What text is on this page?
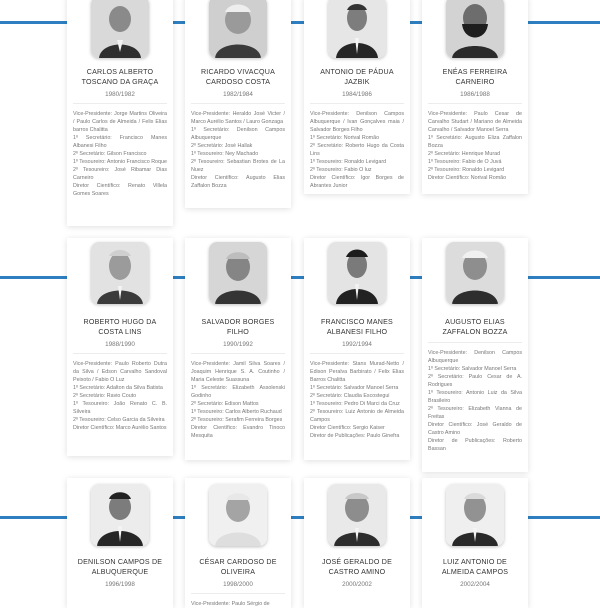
CARLOS ALBERTO TOSCANO DA GRAÇA
1980/1982
Vice-Presidente: Jorge Martins Oliveira / Paulo Carlos de Almeida / Felix Elias barros Chalitta
1º Secretário: Francisco Manes Albanesi Filho
2º Secretário: Gilson Francisco
1º Tesoureiro: Antonio Francisco Roque
2º Tesoureiro: José Ribamar Dias Carneiro
Diretor Científico: Renato Villela Gomes Soares
RICARDO VIVACQUA CARDOSO COSTA
1982/1984
Vice-Presidente: Heraldo José Victer / Marco Aurélio Santos / Lauro Gonzaga
1º Secretário: Denilson Campos Albuquerque
2º Secretário: José Hallak
1º Tesoureiro: Ney Machado
2º Tesoureiro: Sebastian Brotes de La Nuez
Diretor Científico: Augusto Elias Zaffalon Bozza
ANTONIO DE PÁDUA JAZBIK
1984/1986
Vice-Presidente: Denilson Campos Albuquerque / Ivan Gonçalves maia / Salvador Borges Filho
1º Secretário: Norival Romão
2º Secretário: Roberto Hugo da Costa Lins
1º Tesoureiro: Ronaldo Levigard
2º Tesoureiro: Fabio O luz
Diretor Científico: Igor Borges de Abrantes Junior
ENÉAS FERREIRA CARNEIRO
1986/1988
Vice-Presidente: Paulo Cesar de Carvalho Studart / Mariano de Almeida Carvalho / Salvador Manoel Serra
1º Secretário: Augusto Eliza Zaffalon Bozza
2º Secretário: Henrique Murad
1º Tesoureiro: Fabio de O Juvá
2º Tesoureiro: Ronaldo Levigard
Diretor Científico: Norival Romão
ROBERTO HUGO DA COSTA LINS
1988/1990
Vice-Presidente: Paulo Roberto Dutra da Silva / Edson Carvalho Sandoval Peixoto / Fabio O Luz
1º Secretário: Adalton da Silva Batista
2º Secretário: Ravio Couto
1º Tesoureiro: João Renato C. B. Silveira
2º Tesoureiro: Celso Garcia da Silveira
Diretor Científico: Marco Aurélio Santos
SALVADOR BORGES FILHO
1990/1992
Vice-Presidente: Jamil Silva Soares / Joaquim Henrique S. A. Coutinho / Maria Celeste Suassuna
1º Secretário: Elizabeth Assolenski Godinho
2º Secretário: Edison Mattos
1º Tesoureiro: Carlos Alberto Ruchaud
2º Tesoureiro: Serafim Ferreira Borges
Diretor Científico: Evandro Tinoco Mesquita
FRANCISCO MANES ALBANESI FILHO
1992/1994
Vice-Presidente: Stans Murad-Netto / Edison Peralva Barbirato / Felix Elias Barros Chalitta
1º Secretário: Salvador Manoel Serra
2º Secretário: Claudia Escostegui
1º Tesoureiro: Pedro Di Marci da Cruz
2º Tesoureiro: Luiz Antonio de Almeida Campos
Diretor Científico: Sergio Kaiser
Diretor de Publicações: Paulo Ginefra
AUGUSTO ELIAS ZAFFALON BOZZA
Vice-Presidente: Denilson Campos Albuquerque
1º Secretário: Salvador Manoel Serra
2º Secretário: Paulo Cesar de A. Rodrigues
1º Tesoureiro: Antonio Luiz da Silva Brasileiro
2º Tesoureiro: Elizabeth Vianna de Freitas
Diretor Científico: José Geraldo de Castro Amino
Diretor de Publicações: Roberto Bassan
DENILSON CAMPOS DE ALBUQUERQUE
1996/1998
CÉSAR CARDOSO DE OLIVEIRA
1998/2000
Vice-Presidente: Paulo Sérgio de
JOSÉ GERALDO DE CASTRO AMINO
2000/2002
LUIZ ANTONIO DE ALMEIDA CAMPOS
2002/2004
